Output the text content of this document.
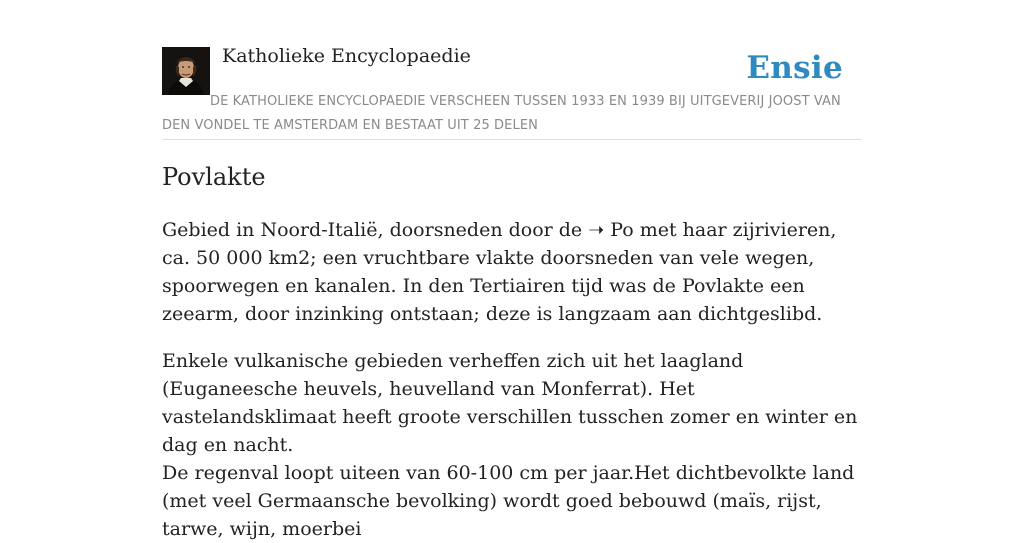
Katholieke Encyclopaedie	Ensie
DE KATHOLIEKE ENCYCLOPAEDIE VERSCHEEN TUSSEN 1933 EN 1939 BIJ UITGEVERIJ JOOST VAN DEN VONDEL TE AMSTERDAM EN BESTAAT UIT 25 DELEN
Povlakte

Gebied in Noord-Italië, doorsneden door de ➝ Po met haar zijrivieren, ca. 50 000 km2; een vruchtbare vlakte doorsneden van vele wegen, spoorwegen en kanalen. In den Tertiairen tijd was de Povlakte een zeearm, door inzinking ontstaan; deze is langzaam aan dichtgeslibd.

Enkele vulkanische gebieden verheffen zich uit het laagland (Euganeesche heuvels, heuvelland van Monferrat). Het vastelandsklimaat heeft groote verschillen tusschen zomer en winter en dag en nacht.

De regenval loopt uiteen van 60-100 cm per jaar.Het dichtbevolkte land (met veel Germaansche bevolking) wordt goed bebouwd (maïs, rijst, tarwe, wijn, moerbei
